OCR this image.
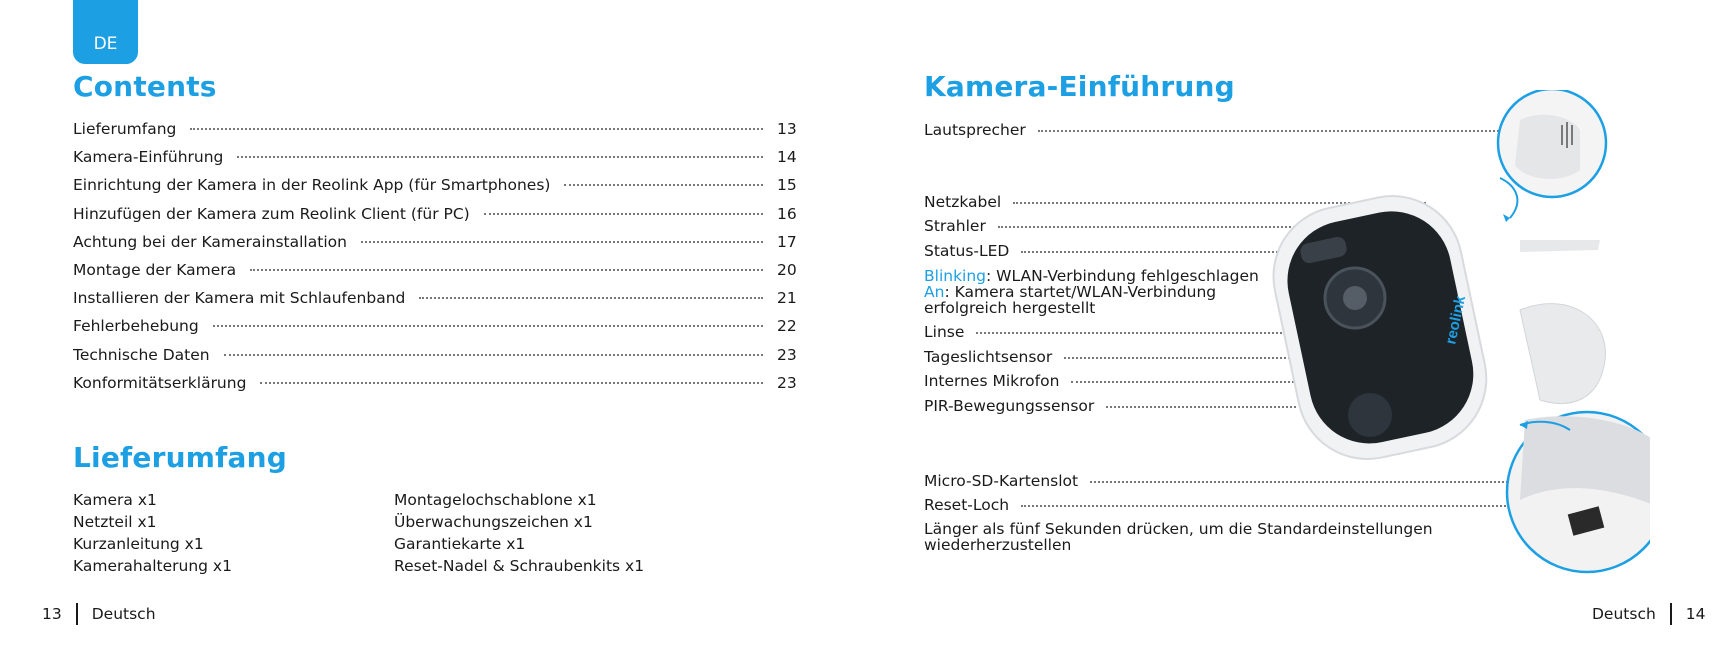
DE
Contents
Lieferumfang	13
Kamera-Einführung	14
Einrichtung der Kamera in der Reolink App (für Smartphones)	15
Hinzufügen der Kamera zum Reolink Client (für PC)	16
Achtung bei der Kamerainstallation	17
Montage der Kamera	20
Installieren der Kamera mit Schlaufenband	21
Fehlerbehebung	22
Technische Daten	23
Konformitätserklärung	23
Lieferumfang
Kamera x1
Netzteil x1
Kurzanleitung x1
Kamerahalterung x1
Montagelochschablone x1
Überwachungszeichen x1
Garantiekarte x1
Reset-Nadel & Schraubenkits x1
13 Deutsch
Kamera-Einführung
Lautsprecher
Netzkabel
Strahler
Status-LED
Blinking: WLAN-Verbindung fehlgeschlagen
An: Kamera startet/WLAN-Verbindung
erfolgreich hergestellt
Linse
Tageslichtsensor
Internes Mikrofon
PIR-Bewegungssensor
Micro-SD-Kartenslot
Reset-Loch
Länger als fünf Sekunden drücken, um die Standardeinstellungen wiederherzustellen
reolink
Deutsch 14
